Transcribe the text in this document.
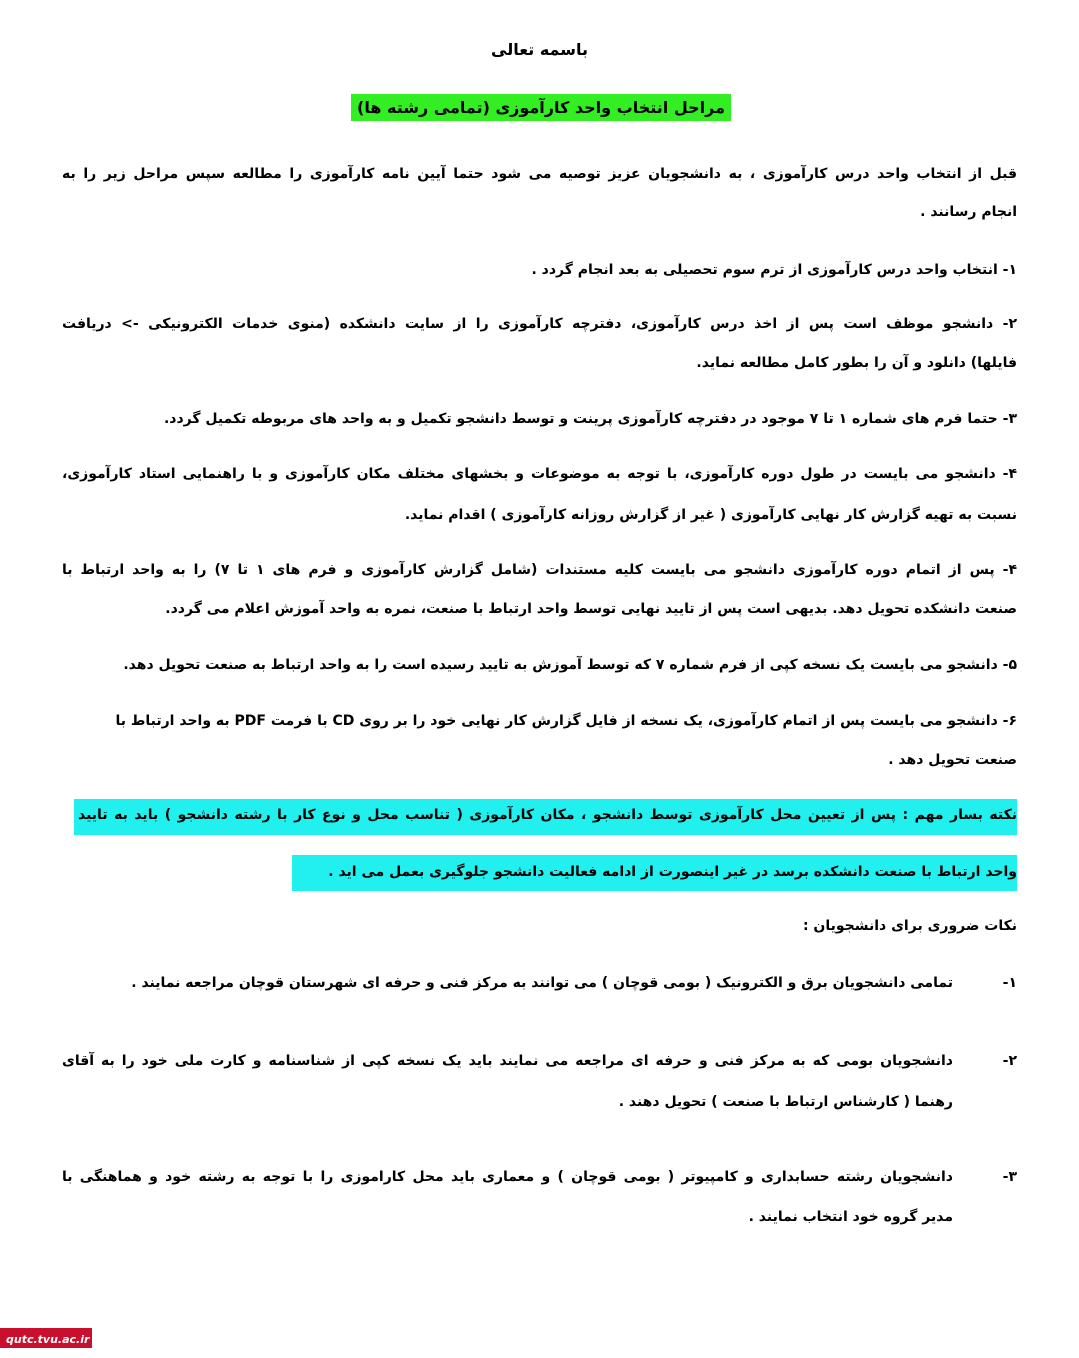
باسمه تعالی
مراحل انتخاب واحد کارآموزی (تمامی رشته ها)
قبل از انتخاب واحد درس کارآموزی ، به دانشجویان عزیز توصیه می شود حتما آیین نامه کارآموزی را مطالعه سپس مراحل زیر را به
انجام رسانند .
۱- انتخاب واحد درس کارآموزی از ترم سوم تحصیلی به بعد انجام گردد .
۲- دانشجو موظف است پس از اخذ درس کارآموزی، دفترچه کارآموزی را از سایت دانشکده (منوی خدمات الکترونیکی -> دریافت
فایلها) دانلود و آن را بطور کامل مطالعه نماید.
۳- حتما فرم های شماره ۱ تا ۷ موجود در دفترچه کارآموزی پرینت و توسط دانشجو تکمیل و به واحد های مربوطه تکمیل گردد.
۴- دانشجو می بایست در طول دوره کارآموزی، با توجه به موضوعات و بخشهای مختلف مکان کارآموزی و با راهنمایی استاد کارآموزی،
نسبت به تهیه گزارش کار نهایی کارآموزی ( غیر از گزارش روزانه کارآموزی ) اقدام نماید.
۴- پس از اتمام دوره کارآموزی دانشجو می بایست کلیه مستندات (شامل گزارش کارآموزی و فرم های ۱ تا ۷) را به واحد ارتباط با
صنعت دانشکده تحویل دهد. بدیهی است پس از تایید نهایی توسط واحد ارتباط با صنعت، نمره به واحد آموزش اعلام می گردد.
۵- دانشجو می بایست یک نسخه کپی از فرم شماره ۷ که توسط آموزش به تایید رسیده است را به واحد ارتباط به صنعت تحویل دهد.
۶- دانشجو می بایست پس از اتمام کارآموزی، یک نسخه از فایل گزارش کار نهایی خود را بر روی CD با فرمت PDF به واحد ارتباط با
صنعت تحویل دهد .
نکته بسار مهم : پس از تعیین محل کارآموزی توسط دانشجو ، مکان کارآموزی ( تناسب محل و نوع کار با رشته دانشجو ) باید به تایید
واحد ارتباط با صنعت دانشکده برسد در غیر اینصورت از ادامه فعالیت دانشجو جلوگیری بعمل می اید .
نکات ضروری برای دانشجویان :
۱-
تمامی دانشجویان برق و الکترونیک ( بومی قوچان ) می توانند به مرکز فنی و حرفه ای شهرستان قوچان مراجعه نمایند .
۲-
دانشجویان بومی که به مرکز فنی و حرفه ای مراجعه می نمایند باید یک نسخه کپی از شناسنامه و کارت ملی خود را به آقای
رهنما ( کارشناس ارتباط با صنعت ) تحویل دهند .
۳-
دانشجویان رشته حسابداری و کامپیوتر ( بومی قوچان ) و معماری باید محل کاراموزی را با توجه به رشته خود و هماهنگی با
مدیر گروه خود انتخاب نمایند .
qutc.tvu.ac.ir
